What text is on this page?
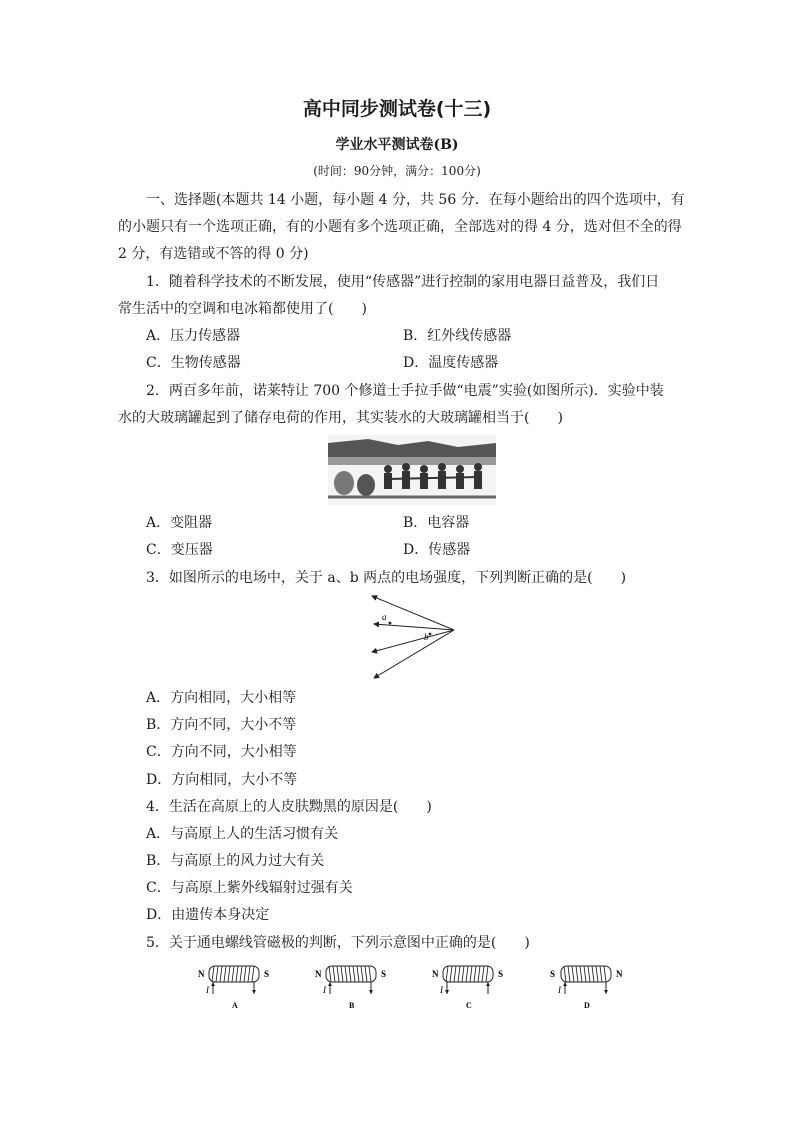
高中同步测试卷(十三)
学业水平测试卷(B)
(时间：90分钟，满分：100分)
一、选择题(本题共 14 小题，每小题 4 分，共 56 分．在每小题给出的四个选项中，有
的小题只有一个选项正确，有的小题有多个选项正确，全部选对的得 4 分，选对但不全的得
2 分，有选错或不答的得 0 分)
1．随着科学技术的不断发展，使用“传感器”进行控制的家用电器日益普及，我们日
常生活中的空调和电冰箱都使用了(　　)
A．压力传感器	B．红外线传感器
C．生物传感器	D．温度传感器
2．两百多年前，诺莱特让 700 个修道士手拉手做“电震”实验(如图所示)．实验中装
水的大玻璃罐起到了储存电荷的作用，其实装水的大玻璃罐相当于(　　)
A．变阻器	B．电容器
C．变压器	D．传感器
3．如图所示的电场中，关于 a、b 两点的电场强度，下列判断正确的是(　　)
a
b
A．方向相同，大小相等
B．方向不同，大小不等
C．方向不同，大小相等
D．方向相同，大小不等
4．生活在高原上的人皮肤黝黑的原因是(　　)
A．与高原上人的生活习惯有关
B．与高原上的风力过大有关
C．与高原上紫外线辐射过强有关
D．由遗传本身决定
5．关于通电螺线管磁极的判断，下列示意图中正确的是(　　)
N	S
I
A
N	S
I
B
N	S
I
C
S	N
I
D
